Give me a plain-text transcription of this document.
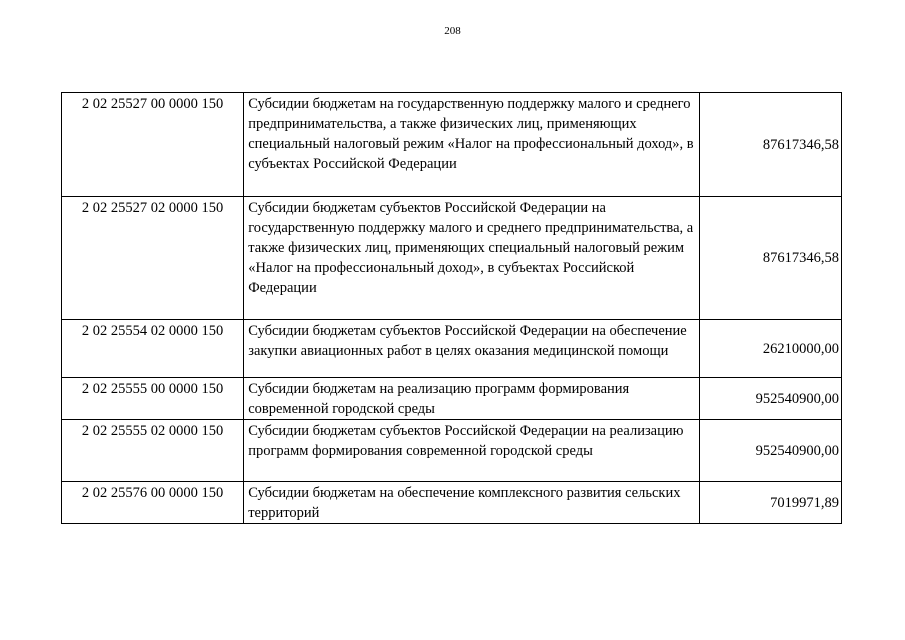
208
2 02 25527 00 0000 150	Субсидии бюджетам на государственную поддержку малого и среднего предпринимательства, а также физических лиц, применяющих специальный налоговый режим «Налог на профессиональный доход», в субъектах Российской Федерации	87617346,58
2 02 25527 02 0000 150	Субсидии бюджетам субъектов Российской Федерации на государственную поддержку малого и среднего предпринимательства, а также физических лиц, применяющих специальный налоговый режим «Налог на профессиональный доход», в субъектах Российской Федерации	87617346,58
2 02 25554 02 0000 150	Субсидии бюджетам субъектов Российской Федерации на обеспечение закупки авиационных работ в целях оказания медицинской помощи	26210000,00
2 02 25555 00 0000 150	Субсидии бюджетам на реализацию программ формирования современной городской среды	952540900,00
2 02 25555 02 0000 150	Субсидии бюджетам субъектов Российской Федерации на реализацию программ формирования современной городской среды	952540900,00
2 02 25576 00 0000 150	Субсидии бюджетам на обеспечение комплексного развития сельских территорий	7019971,89
